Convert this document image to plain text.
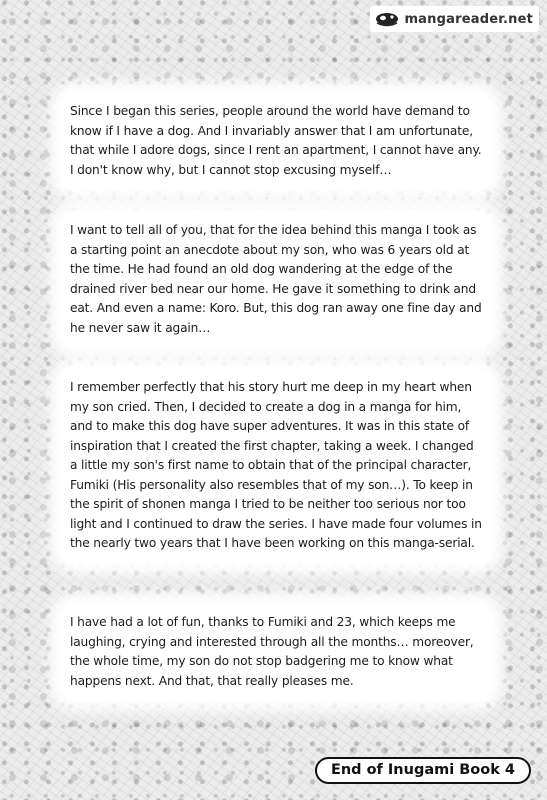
mangareader.net
Since I began this series, people around the world have demand to know if I have a dog. And I invariably answer that I am unfortunate, that while I adore dogs, since I rent an apartment, I cannot have any. I don't know why, but I cannot stop excusing myself…
I want to tell all of you, that for the idea behind this manga I took as a starting point an anecdote about my son, who was 6 years old at the time. He had found an old dog wandering at the edge of the drained river bed near our home. He gave it something to drink and eat. And even a name: Koro. But, this dog ran away one fine day and he never saw it again…
I remember perfectly that his story hurt me deep in my heart when my son cried. Then, I decided to create a dog in a manga for him, and to make this dog have super adventures. It was in this state of inspiration that I created the first chapter, taking a week. I changed a little my son's first name to obtain that of the principal character, Fumiki (His personality also resembles that of my son…). To keep in the spirit of shonen manga I tried to be neither too serious nor too light and I continued to draw the series. I have made four volumes in the nearly two years that I have been working on this manga-serial.
I have had a lot of fun, thanks to Fumiki and 23, which keeps me laughing, crying and interested through all the months… moreover, the whole time, my son do not stop badgering me to know what happens next. And that, that really pleases me.
End of Inugami Book 4
